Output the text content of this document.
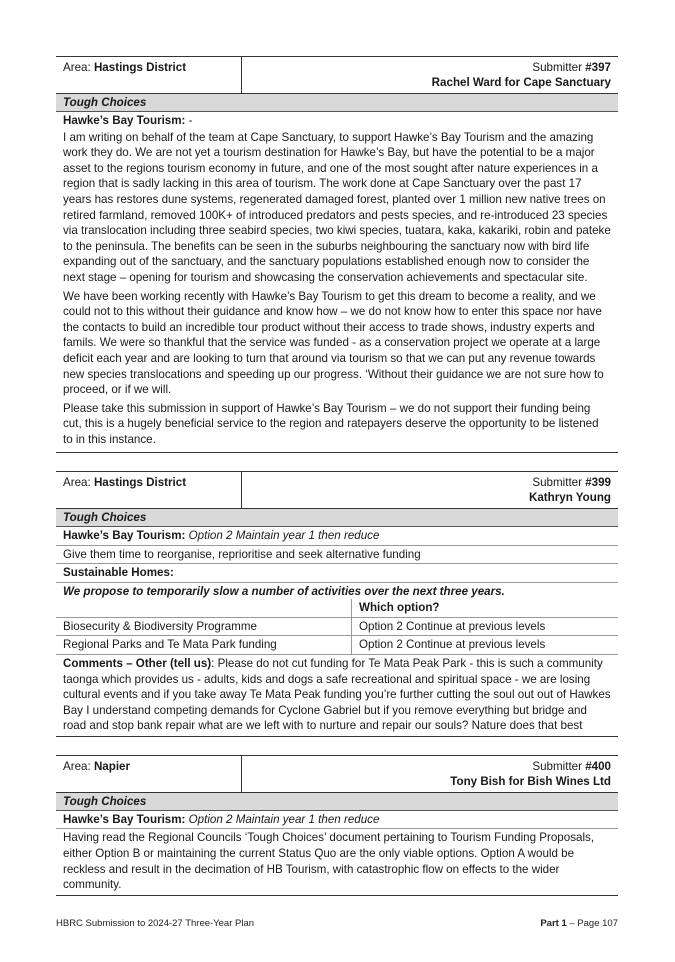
Area: Hastings District	Submitter #397
Rachel Ward for Cape Sanctuary
Tough Choices
Hawke’s Bay Tourism: -

I am writing on behalf of the team at Cape Sanctuary, to support Hawke’s Bay Tourism and the amazing work they do. We are not yet a tourism destination for Hawke’s Bay, but have the potential to be a major asset to the regions tourism economy in future, and one of the most sought after nature experiences in a region that is sadly lacking in this area of tourism. The work done at Cape Sanctuary over the past 17 years has restores dune systems, regenerated damaged forest, planted over 1 million new native trees on retired farmland, removed 100K+ of introduced predators and pests species, and re-introduced 23 species via translocation including three seabird species, two kiwi species, tuatara, kaka, kakariki, robin and pateke to the peninsula. The benefits can be seen in the suburbs neighbouring the sanctuary now with bird life expanding out of the sanctuary, and the sanctuary populations established enough now to consider the next stage – opening for tourism and showcasing the conservation achievements and spectacular site.

We have been working recently with Hawke’s Bay Tourism to get this dream to become a reality, and we could not to this without their guidance and know how – we do not know how to enter this space nor have the contacts to build an incredible tour product without their access to trade shows, industry experts and famils. We were so thankful that the service was funded - as a conservation project we operate at a large deficit each year and are looking to turn that around via tourism so that we can put any revenue towards new species translocations and speeding up our progress. ‘Without their guidance we are not sure how to proceed, or if we will.

Please take this submission in support of Hawke’s Bay Tourism – we do not support their funding being cut, this is a hugely beneficial service to the region and ratepayers deserve the opportunity to be listened to in this instance.

Area: Hastings District	Submitter #399
Kathryn Young
Tough Choices
Hawke’s Bay Tourism: Option 2 Maintain year 1 then reduce
Give them time to reorganise, reprioritise and seek alternative funding
Sustainable Homes:
We propose to temporarily slow a number of activities over the next three years.
Which option?
Biosecurity & Biodiversity Programme	Option 2 Continue at previous levels
Regional Parks and Te Mata Park funding	Option 2 Continue at previous levels
Comments – Other (tell us): Please do not cut funding for Te Mata Peak Park - this is such a community taonga which provides us - adults, kids and dogs a safe recreational and spiritual space - we are losing cultural events and if you take away Te Mata Peak funding you’re further cutting the soul out out of Hawkes Bay I understand competing demands for Cyclone Gabriel but if you remove everything but bridge and road and stop bank repair what are we left with to nurture and repair our souls? Nature does that best
Area: Napier	Submitter #400
Tony Bish for Bish Wines Ltd
Tough Choices
Hawke’s Bay Tourism: Option 2 Maintain year 1 then reduce
Having read the Regional Councils ‘Tough Choices’ document pertaining to Tourism Funding Proposals, either Option B or maintaining the current Status Quo are the only viable options. Option A would be reckless and result in the decimation of HB Tourism, with catastrophic flow on effects to the wider community.
HBRC Submission to 2024-27 Three-Year Plan	Part 1 – Page 107
